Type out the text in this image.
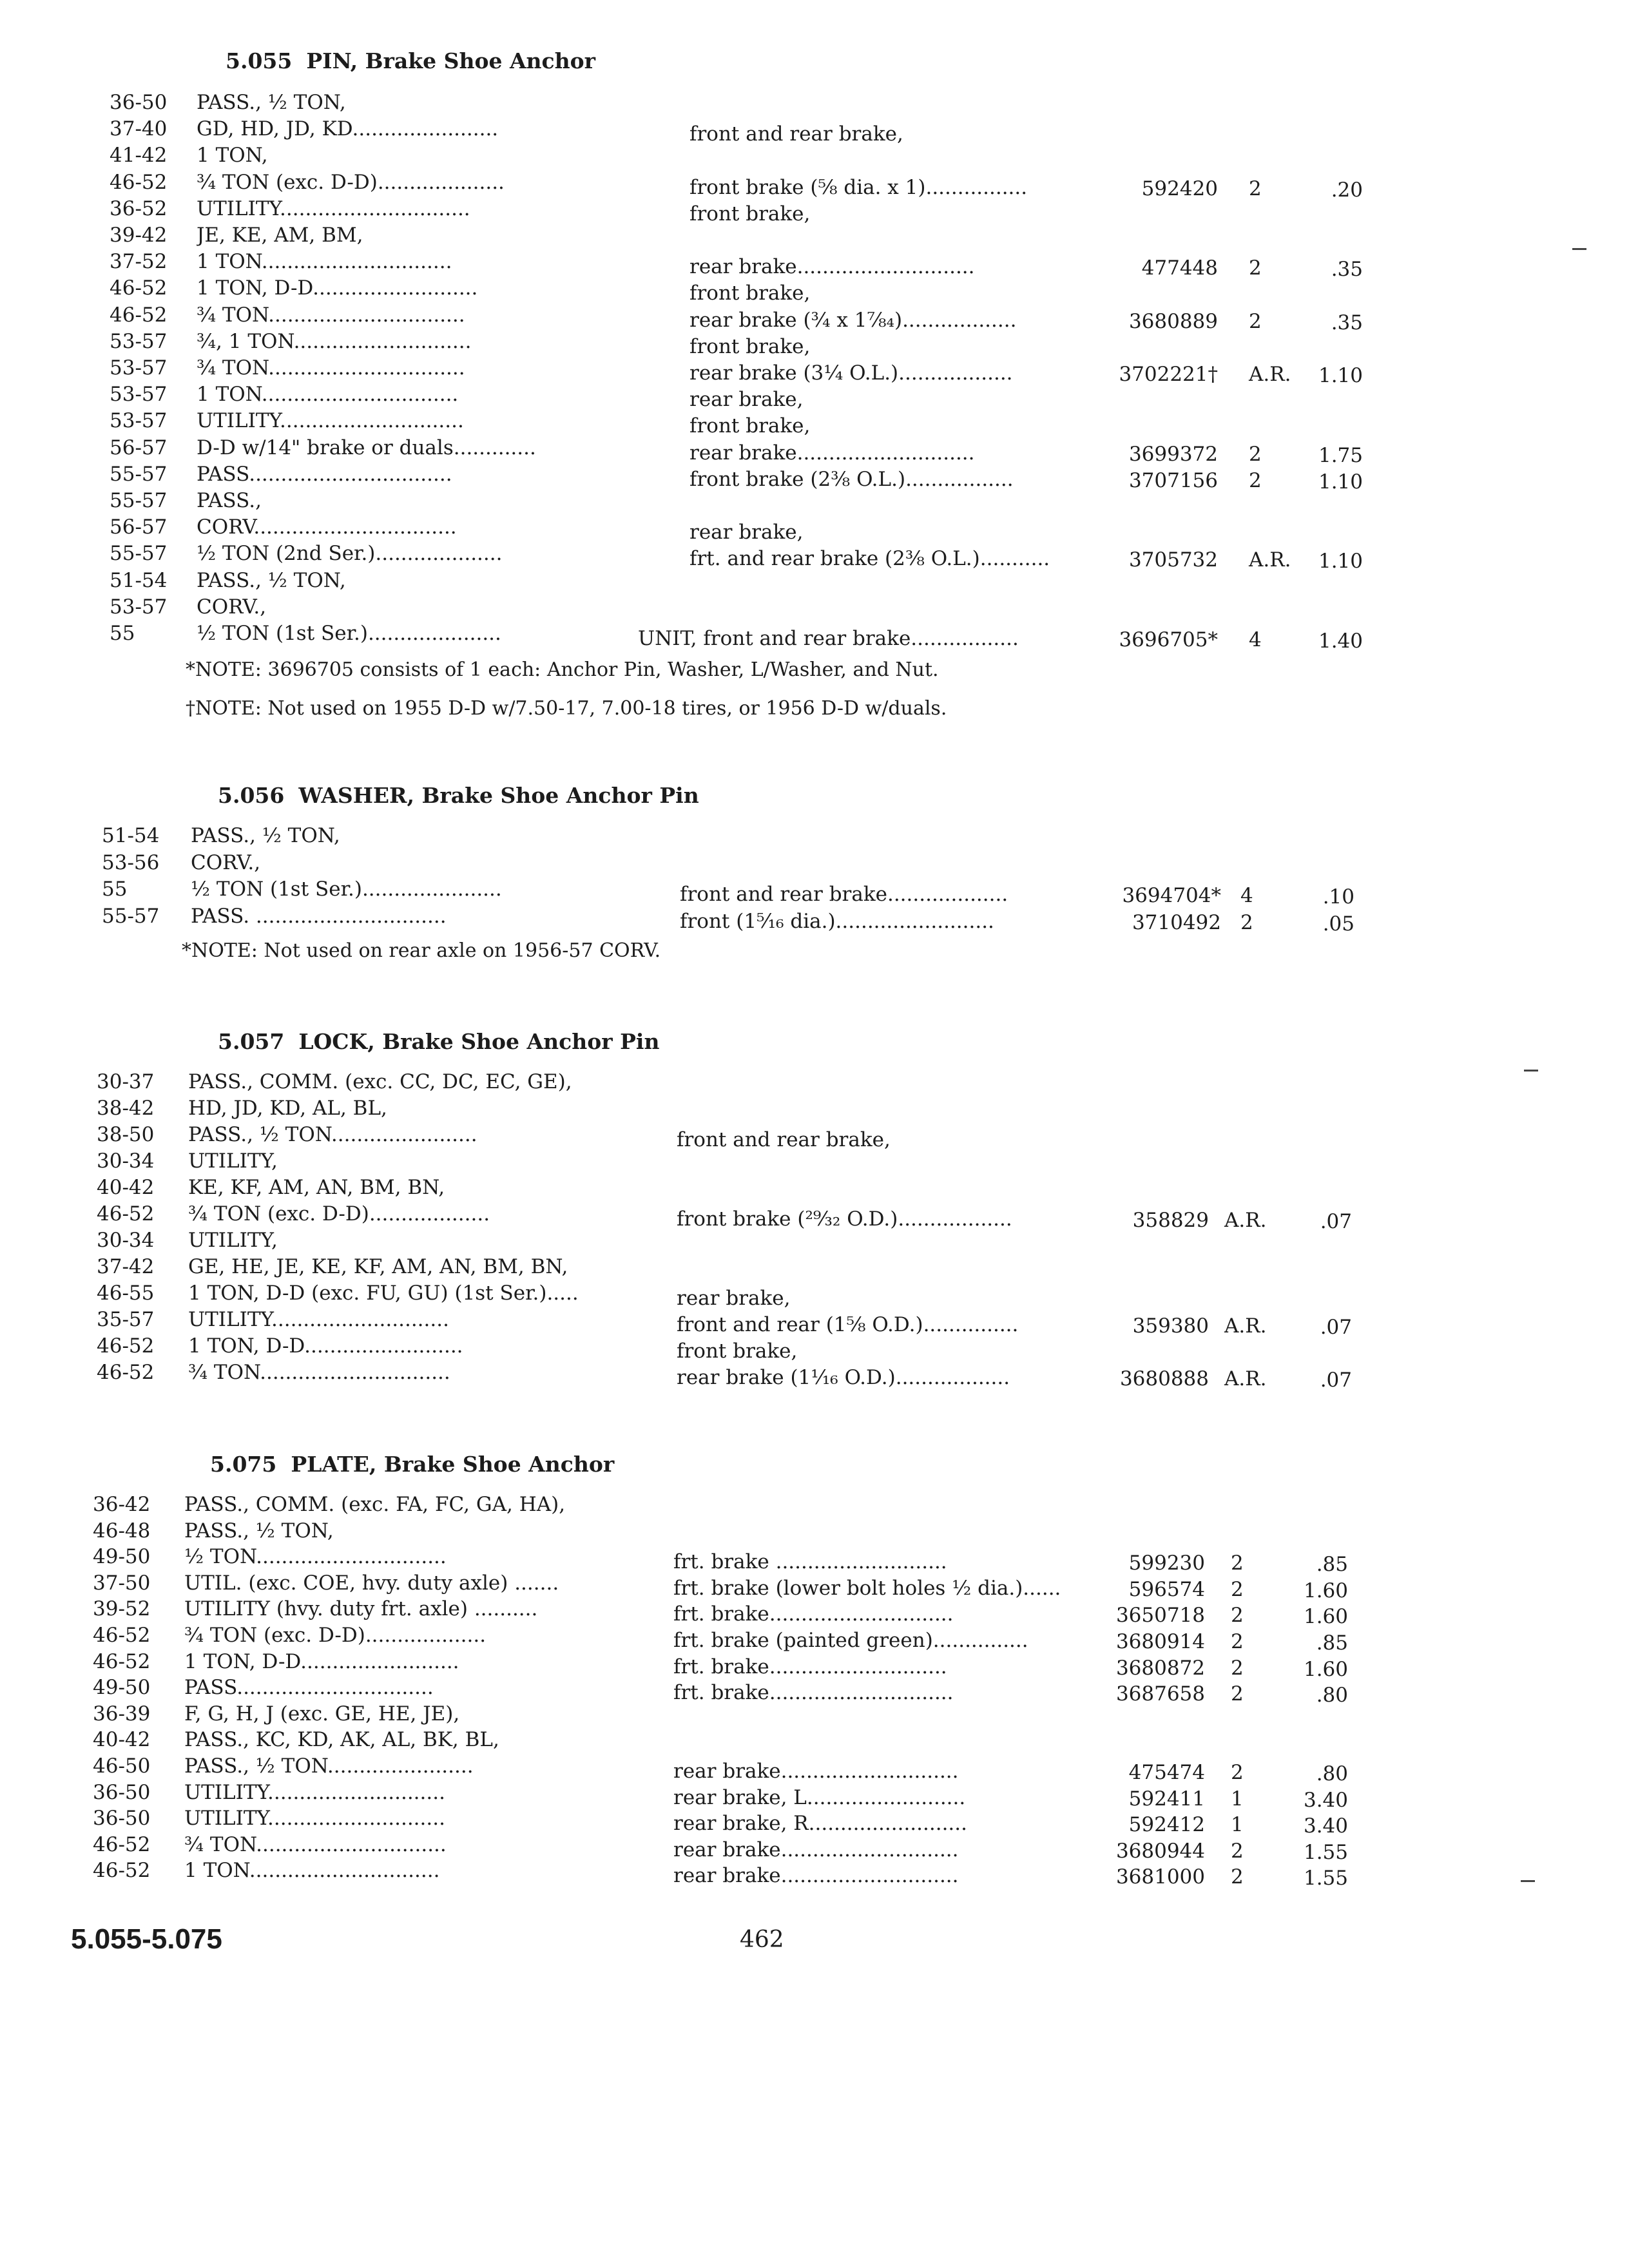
5.055 PIN, Brake Shoe Anchor
36-50	PASS., ½ TON,
37-40	GD, HD, JD, KD.......................	front and rear brake,
41-42	1 TON,
46-52	¾ TON (exc. D-D)....................	front brake (⅝ dia. x 1)................	592420 2	.20
36-52	UTILITY..............................	front brake,
39-42	JE, KE, AM, BM,
37-52	1 TON..............................	rear brake............................	477448 2	.35
46-52	1 TON, D-D..........................	front brake,
46-52	¾ TON...............................	rear brake (¾ x 1⅞₄)..................	3680889 2	.35
53-57	¾, 1 TON............................	front brake,
53-57	¾ TON...............................	rear brake (3¼ O.L.)..................	3702221† A.R.	1.10
53-57	1 TON...............................	rear brake,
53-57	UTILITY.............................	front brake,
56-57	D-D w/14" brake or duals.............	rear brake............................	3699372 2	1.75
55-57	PASS................................	front brake (2⅜ O.L.).................	3707156 2	1.10
55-57	PASS.,
56-57	CORV................................	rear brake,
55-57	½ TON (2nd Ser.)....................	frt. and rear brake (2⅜ O.L.)...........	3705732 A.R.	1.10
51-54	PASS., ½ TON,
53-57	CORV.,
55	½ TON (1st Ser.).....................	UNIT, front and rear brake.................	3696705* 4	1.40
*NOTE: 3696705 consists of 1 each: Anchor Pin, Washer, L/Washer, and Nut.
†NOTE: Not used on 1955 D-D w/7.50-17, 7.00-18 tires, or 1956 D-D w/duals.
5.056 WASHER, Brake Shoe Anchor Pin
51-54	PASS., ½ TON,
53-56	CORV.,
55	½ TON (1st Ser.)......................	front and rear brake...................	3694704* 4	.10
55-57	PASS. ..............................	front (1⁵⁄₁₆ dia.).........................	3710492 2	.05
*NOTE: Not used on rear axle on 1956-57 CORV.
5.057 LOCK, Brake Shoe Anchor Pin
30-37	PASS., COMM. (exc. CC, DC, EC, GE),
38-42	HD, JD, KD, AL, BL,
38-50	PASS., ½ TON.......................	front and rear brake,
30-34	UTILITY,
40-42	KE, KF, AM, AN, BM, BN,
46-52	¾ TON (exc. D-D)...................	front brake (²⁹⁄₃₂ O.D.)..................	358829 A.R.	.07
30-34	UTILITY,
37-42	GE, HE, JE, KE, KF, AM, AN, BM, BN,
46-55	1 TON, D-D (exc. FU, GU) (1st Ser.).....	rear brake,
35-57	UTILITY............................	front and rear (1⅝ O.D.)...............	359380 A.R.	.07
46-52	1 TON, D-D.........................	front brake,
46-52	¾ TON..............................	rear brake (1⅟₁₆ O.D.)..................	3680888 A.R.	.07
5.075 PLATE, Brake Shoe Anchor
36-42	PASS., COMM. (exc. FA, FC, GA, HA),
46-48	PASS., ½ TON,
49-50	½ TON..............................	frt. brake ...........................	599230 2	.85
37-50	UTIL. (exc. COE, hvy. duty axle) .......	frt. brake (lower bolt holes ½ dia.)......	596574 2	1.60
39-52	UTILITY (hvy. duty frt. axle) ..........	frt. brake.............................	3650718 2	1.60
46-52	¾ TON (exc. D-D)...................	frt. brake (painted green)...............	3680914 2	.85
46-52	1 TON, D-D.........................	frt. brake............................	3680872 2	1.60
49-50	PASS...............................	frt. brake.............................	3687658 2	.80
36-39	F, G, H, J (exc. GE, HE, JE),
40-42	PASS., KC, KD, AK, AL, BK, BL,
46-50	PASS., ½ TON.......................	rear brake............................	475474 2	.80
36-50	UTILITY............................	rear brake, L.........................	592411 1	3.40
36-50	UTILITY............................	rear brake, R.........................	592412 1	3.40
46-52	¾ TON..............................	rear brake............................	3680944 2	1.55
46-52	1 TON..............................	rear brake............................	3681000 2	1.55
5.055-5.075	462
